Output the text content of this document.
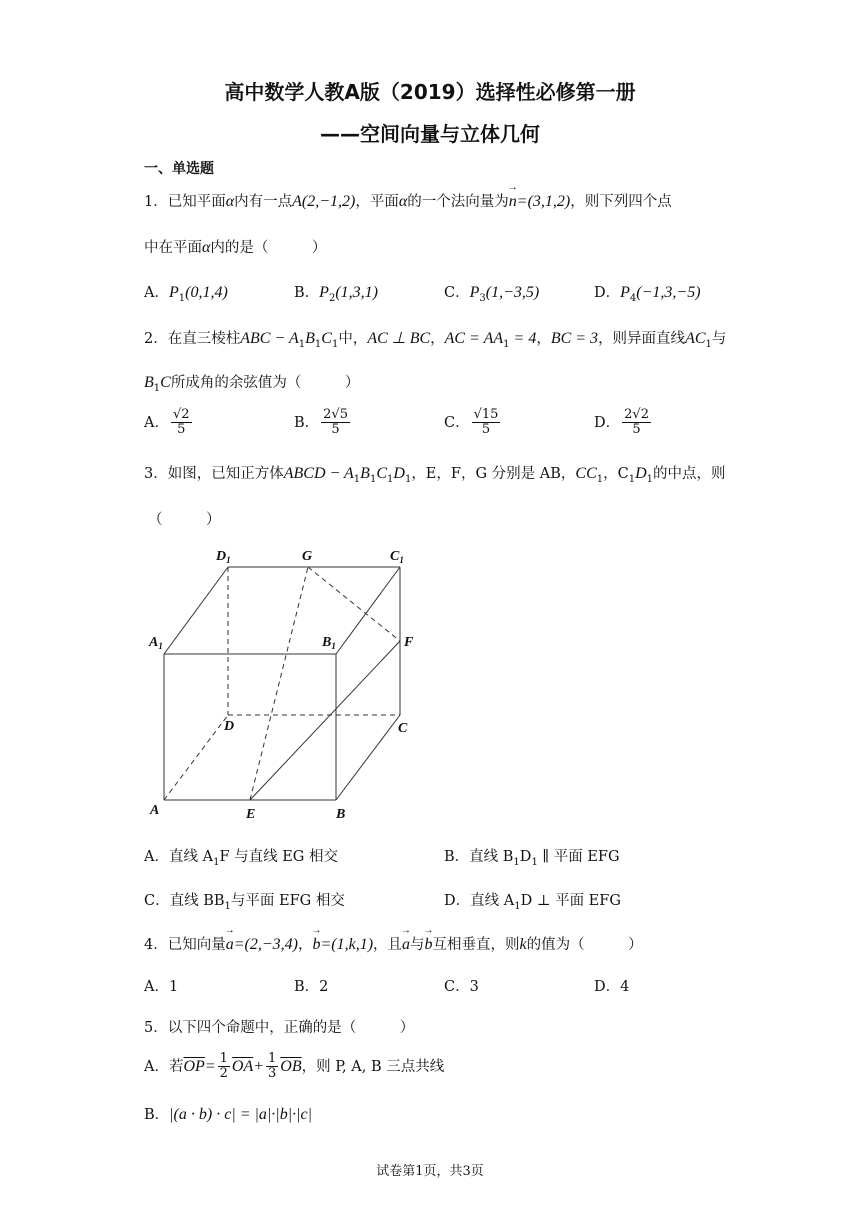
高中数学人教A版（2019）选择性必修第一册
——空间向量与立体几何
一、单选题
1．已知平面α内有一点A(2,−1,2)，平面α的一个法向量为→ n=(3,1,2)，则下列四个点
中在平面α内的是（　　　）
A．$P_1(0,1,4)$	B．$P_2(1,3,1)$	C．$P_3(1,-3,5)$	D．$P_4(-1,3,-5)$
2．在直三棱柱ABC − $A_1B_1C_1$中，AC ⊥ BC，AC = $AA_1 = 4$，BC = 3，则异面直线$AC_1$与
$B_1C$所成角的余弦值为（　　　）
A． $\frac{√2}{5}$	B． $\frac{2√5}{5}$	C． $\frac{√15}{5}$	D． $\frac{2√2}{5}$
3．如图，已知正方体ABCD − $A_1B_1C_1D_1$，E，F，G 分别是 AB，$CC_1$，$C_1D_1$的中点，则
（　　　）
$D_1$	G	$C_1$
$A_1$	$B_1$	F
D	C
A	E	B
A．直线 $A_1F$ 与直线 EG 相交	B．直线 $B_1D_1$ ∥ 平面 EFG
C．直线 $BB_1$与平面 EFG 相交	D．直线 $A_1D$ ⊥ 平面 EFG
4．已知向量→ a=(2,−3,4)，→ b=(1,k,1)，且→ a与→ b互相垂直，则k的值为（　　　）
A．1	B．2	C．3	D．4
5．以下四个命题中，正确的是（　　　）
A．若$\overline{OP}= \frac{1}{2} \overline{OA}+ \frac{1}{3} \overline{OB}$，则 P, A, B 三点共线
B．|(a · b) · c| = |a|·|b|·|c|
试卷第1页，共3页
